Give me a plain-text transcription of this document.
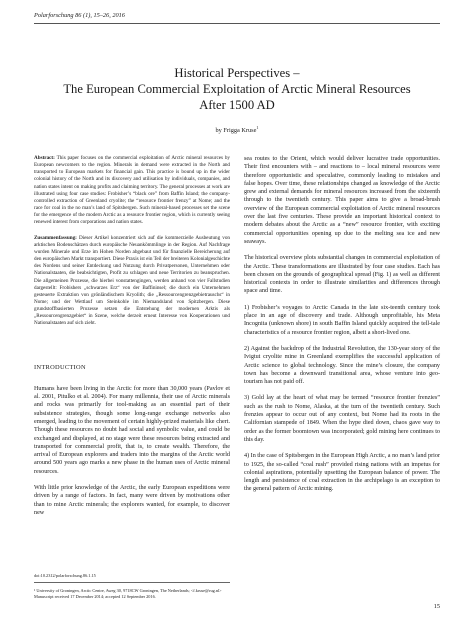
Polarforschung 86 (1), 15–26, 2016
Historical Perspectives –
The European Commercial Exploitation of Arctic Mineral Resources
After 1500 AD
by Frigga Kruse$^1$

Abstract: This paper focuses on the commercial exploitation of Arctic mineral resources by European newcomers to the region. Minerals in demand were extracted in the North and transported to European markets for financial gain. This practice is bound up in the wider colonial history of the North and its discovery and utilisation by individuals, companies, and nation states intent on making profits and claiming territory. The general processes at work are illustrated using four case studies: Frobisher’s “black ore” from Baffin Island; the company-controlled extraction of Greenland cryolite; the “resource frontier frenzy” at Nome; and the race for coal in the no man’s land of Spitsbergen. Such mineral-based processes set the scene for the emergence of the modern Arctic as a resource frontier region, which is currently seeing renewed interest from corporations and nation states.

Zusammenfassung: Dieser Artikel konzentriert sich auf die kommerzielle Ausbeutung von arktischen Bodenschätzen durch europäische Neuankömmlinge in der Region. Auf Nachfrage wurden Minerale und Erze im Hohen Norden abgebaut und für finanzielle Bereicherung auf den europäischen Markt transportiert. Diese Praxis ist ein Teil der breiteren Kolonialgeschichte des Nordens und seiner Entdeckung und Nutzung durch Privatpersonen, Unternehmen oder Nationalstaaten, die beabsichtigten, Profit zu schlagen und neue Territorien zu beanspruchen. Die allgemeinen Prozesse, die hierbei vonstattengingen, werden anhand von vier Fallstudien dargestellt: Frobishers „schwarzes Erz“ von der Baffininsel; die durch ein Unternehmen gesteuerte Extraktion von grönländischem Kryolith; die „Ressourcengrenzgebietrauschs“ in Nome; und der Wettlauf um Steinkohle im Niemandsland von Spitzbergen. Diese grundstoffbasierten Prozesse setzen die Entstehung der modernen Arktis als „Ressourcengrenzgebiet“ in Szene, welche derzeit erneut Interesse von Kooperationen und Nationalstaaten auf sich zieht.

INTRODUCTION

Humans have been living in the Arctic for more than 30,000 years (Pavlov et al. 2001, Pitulko et al. 2004). For many millennia, their use of Arctic minerals and rocks was primarily for tool-making as an essential part of their subsistence strategies, though some long-range exchange networks also emerged, leading to the movement of certain highly-prized materials like chert. Though these resources no doubt had social and symbolic value, and could be exchanged and displayed, at no stage were these resources being extracted and transported for commercial profit, that is, to create wealth. Therefore, the arrival of European explorers and traders into the margins of the Arctic world around 500 years ago marks a new phase in the human uses of Arctic mineral resources.

With little prior knowledge of the Arctic, the early European expeditions were driven by a range of factors. In fact, many were driven by motivations other than to mine Arctic minerals; the explorers wanted, for example, to discover new

sea routes to the Orient, which would deliver lucrative trade opportunities. Their first encounters with – and reactions to – local mineral resources were therefore opportunistic and speculative, commonly leading to mistakes and false hopes. Over time, these relationships changed as knowledge of the Arctic grew and external demands for mineral resources increased from the sixteenth through to the twentieth century. This paper aims to give a broad-brush overview of the European commercial exploitation of Arctic mineral resources over the last five centuries. These provide an important historical context to modern debates about the Arctic as a “new” resource frontier, with exciting commercial opportunities opening up due to the melting sea ice and new seaways.

The historical overview plots substantial changes in commercial exploitation of the Arctic. These transformations are illustrated by four case studies. Each has been chosen on the grounds of geographical spread (Fig. 1) as well as different historical contexts in order to illustrate similarities and differences through space and time.

1) Frobisher’s voyages to Arctic Canada in the late six-teenth century took place in an age of discovery and trade. Although unprofitable, his Meta Incognita (unknown shore) in south Baffin Island quickly acquired the tell-tale characteristics of a resource frontier region, albeit a short-lived one.

2) Against the backdrop of the Industrial Revolution, the 130-year story of the Ivigtut cryolite mine in Greenland exemplifies the successful application of Arctic science to global technology. Since the mine’s closure, the company town has become a downward transitional area, whose venture into geo-tourism has not paid off.

3) Gold lay at the heart of what may be termed “resource frontier frenzies” such as the rush to Nome, Alaska, at the turn of the twentieth century. Such frenzies appear to occur out of any context, but Nome had its roots in the Californian stampede of 1849. When the hype died down, chaos gave way to order as the former boomtown was incorporated; gold mining here continues to this day.

4) In the case of Spitsbergen in the European High Arctic, a no man’s land prior to 1925, the so-called “coal rush” provided rising nations with an impetus for colonial aspirations, potentially upsetting the European balance of power. The length and persistence of coal extraction in the archipelago is an exception to the general pattern of Arctic mining.

doi:10.2312/polarforschung.86.1.15
¹ University of Groningen, Arctic Centre, Aweg 30, 9718CW Groningen, The Netherlands; <f.kruse@rug.nl>
Manuscript received 17 December 2014; accepted 12 September 2016.
15
